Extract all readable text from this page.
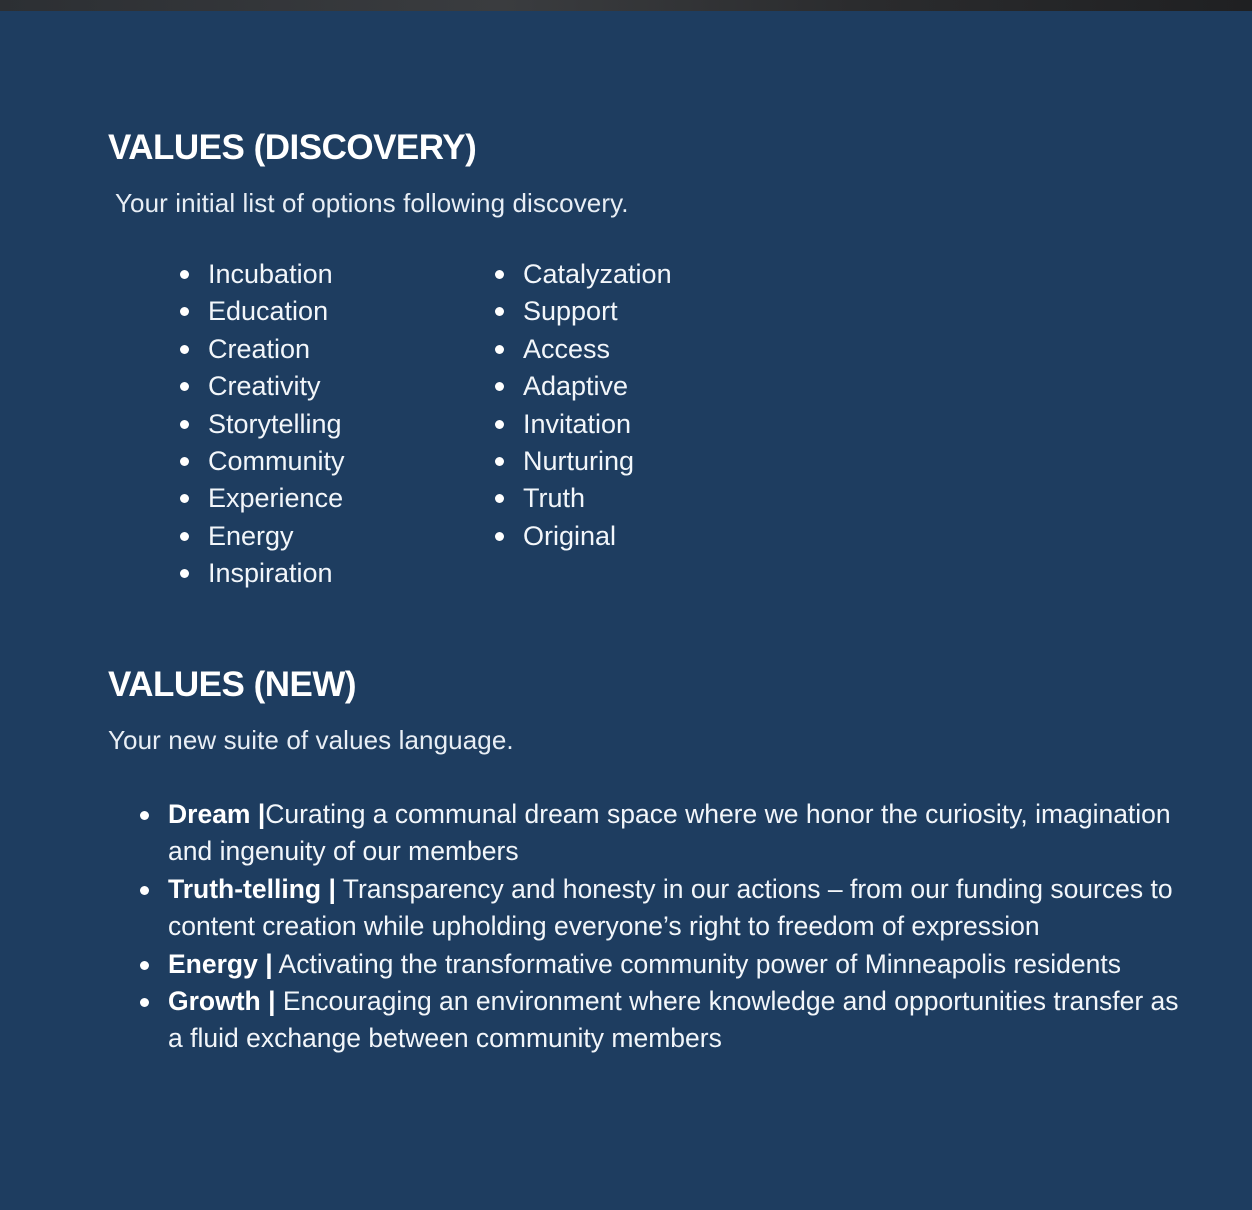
VALUES (DISCOVERY)
Your initial list of options following discovery.
Incubation
Education
Creation
Creativity
Storytelling
Community
Experience
Energy
Inspiration
Catalyzation
Support
Access
Adaptive
Invitation
Nurturing
Truth
Original
VALUES (NEW)
Your new suite of values language.
Dream |Curating a communal dream space where we honor the curiosity, imagination and ingenuity of our members
Truth-telling | Transparency and honesty in our actions – from our funding sources to content creation while upholding everyone’s right to freedom of expression
Energy | Activating the transformative community power of Minneapolis residents
Growth | Encouraging an environment where knowledge and opportunities transfer as a fluid exchange between community members
